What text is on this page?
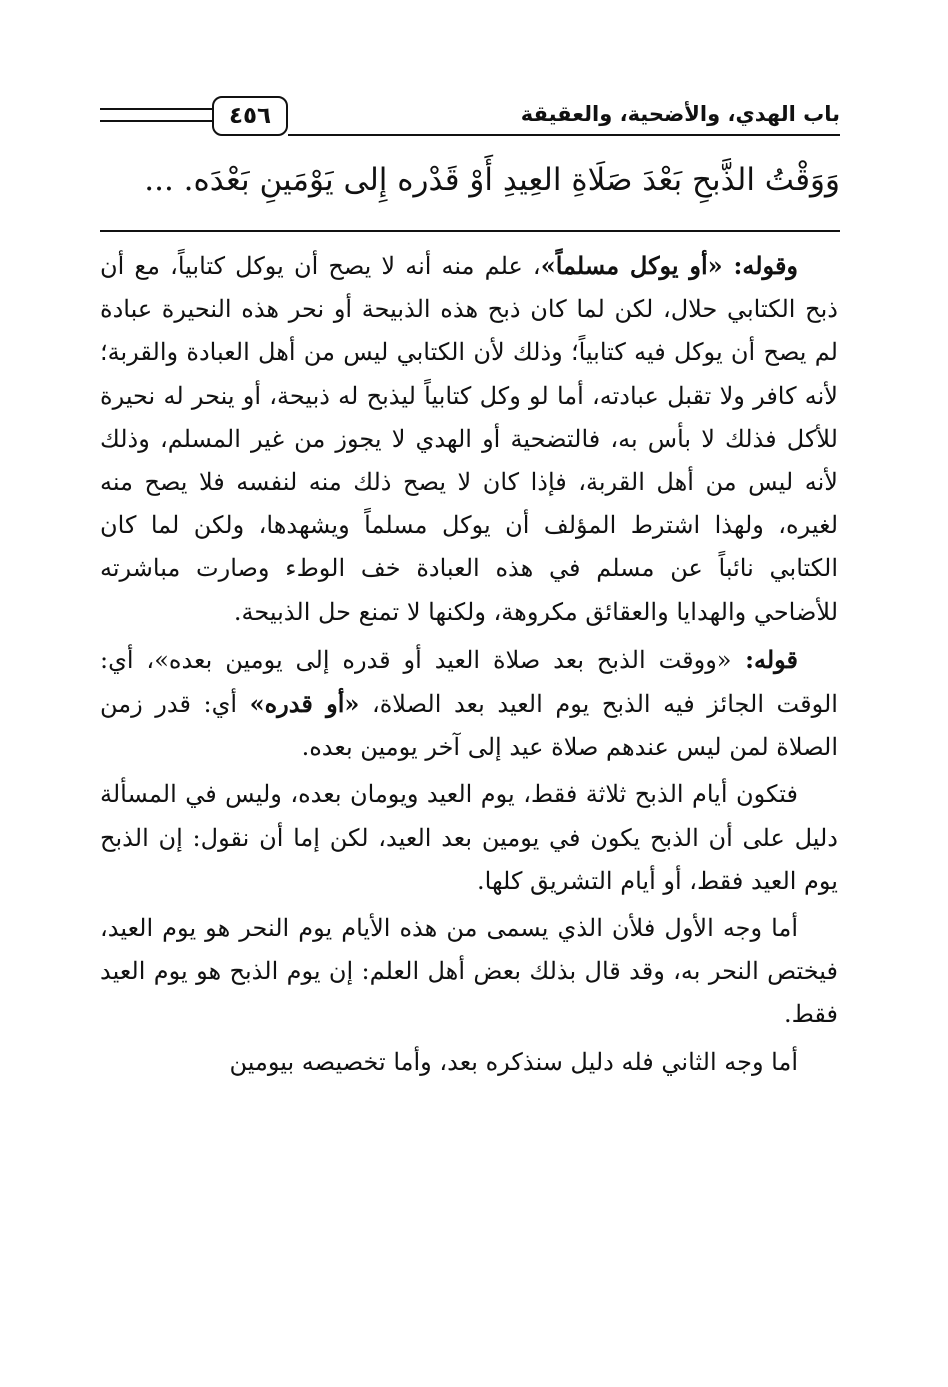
٤٥٦	باب الهدي، والأضحية، والعقيقة
وَوَقْتُ الذَّبحِ بَعْدَ صَلَاةِ العِيدِ أَوْ قَدْره إِلى يَوْمَينِ بَعْدَه. ...

وقوله: «أو يوكل مسلماً»، علم منه أنه لا يصح أن يوكل كتابياً، مع أن ذبح الكتابي حلال، لكن لما كان ذبح هذه الذبيحة أو نحر هذه النحيرة عبادة لم يصح أن يوكل فيه كتابياً؛ وذلك لأن الكتابي ليس من أهل العبادة والقربة؛ لأنه كافر ولا تقبل عبادته، أما لو وكل كتابياً ليذبح له ذبيحة، أو ينحر له نحيرة للأكل فذلك لا بأس به، فالتضحية أو الهدي لا يجوز من غير المسلم، وذلك لأنه ليس من أهل القربة، فإذا كان لا يصح ذلك منه لنفسه فلا يصح منه لغيره، ولهذا اشترط المؤلف أن يوكل مسلماً ويشهدها، ولكن لما كان الكتابي نائباً عن مسلم في هذه العبادة خف الوطء وصارت مباشرته للأضاحي والهدايا والعقائق مكروهة، ولكنها لا تمنع حل الذبيحة.

قوله: «ووقت الذبح بعد صلاة العيد أو قدره إلى يومين بعده»، أي: الوقت الجائز فيه الذبح يوم العيد بعد الصلاة، «أو قدره» أي: قدر زمن الصلاة لمن ليس عندهم صلاة عيد إلى آخر يومين بعده.

فتكون أيام الذبح ثلاثة فقط، يوم العيد ويومان بعده، وليس في المسألة دليل على أن الذبح يكون في يومين بعد العيد، لكن إما أن نقول: إن الذبح يوم العيد فقط، أو أيام التشريق كلها.

أما وجه الأول فلأن الذي يسمى من هذه الأيام يوم النحر هو يوم العيد، فيختص النحر به، وقد قال بذلك بعض أهل العلم: إن يوم الذبح هو يوم العيد فقط.

أما وجه الثاني فله دليل سنذكره بعد، وأما تخصيصه بيومين
